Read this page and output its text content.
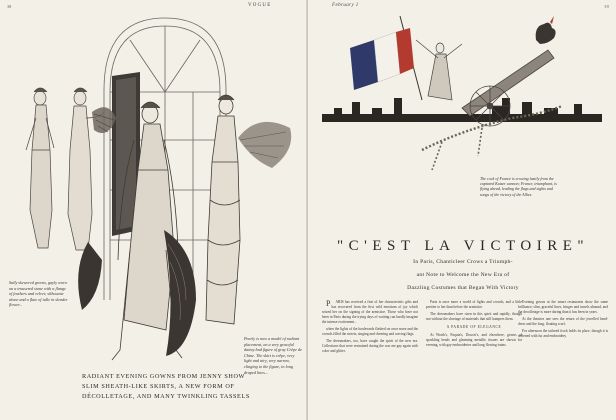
38
Sally skewered greens, gayly worn on a trousered stone with a flange of feathers and velvet; silhouette alone and a flute of tulle in slender flower...
Pearly is now a model of radiant placement, on a very graceful dainty bud figure of gray Crêpe de Chine. The skirt is crêpe, very light and airy, very narrow, clinging to the figure, in long draped lines...
RADIANT EVENING GOWNS FROM JENNY SHOW
SLIM SHEATH-LIKE SKIRTS, A NEW FORM OF
DÉCOLLETAGE, AND MANY TWINKLING TASSELS
February 1	39
The cock of France is crowing lustily from the captured Kaiser cannon; France, triumphant, is flying ahead, leading the flags and sights and songs of the victory of the Allies.
"C'EST LA VICTOIRE"
In Paris, Chanticleer Crows a Triumph-
ant Note to Welcome the New Era of
Dazzling Costumes that Began With Victory

P ARIS has received a first of her characteristic gifts and has recovered from the first wild emotions of joy which seized her on the signing of the armistice. Those who have not been in Paris during the trying days of waiting can hardly imagine the intense excitement...

when the lights of the boulevards flashed on once more and the crowds filled the streets, singing and cheering and waving flags.

The dressmakers, too, have caught the spirit of the new era. Collections that were restrained during the war are gay again with color and glitter.

Paris is once more a world of lights and crowds, and a little prettier to her than before the armistice.

The dressmakers have risen in this spirit and rapidly, though not without the shortage of materials that still hampers them.

A PARADE OF ELEGANCE

At Worth's, Paquin's, Doucet's, and elsewhere, gowns of sparkling beads and gleaming metallic tissues are shown for evening, with gay embroideries and long flowing trains.

Evening gowns at the smart restaurants show the same brilliance; slim, graceful lines, fringes and tassels abound, and the decolletage is more daring than it has been in years.

At the theatres one sees the return of the jewelled head-dress and the long, floating scarf.

For afternoon the tailored frock holds its place, though it is softened with fur and embroidery.

VOGUE
